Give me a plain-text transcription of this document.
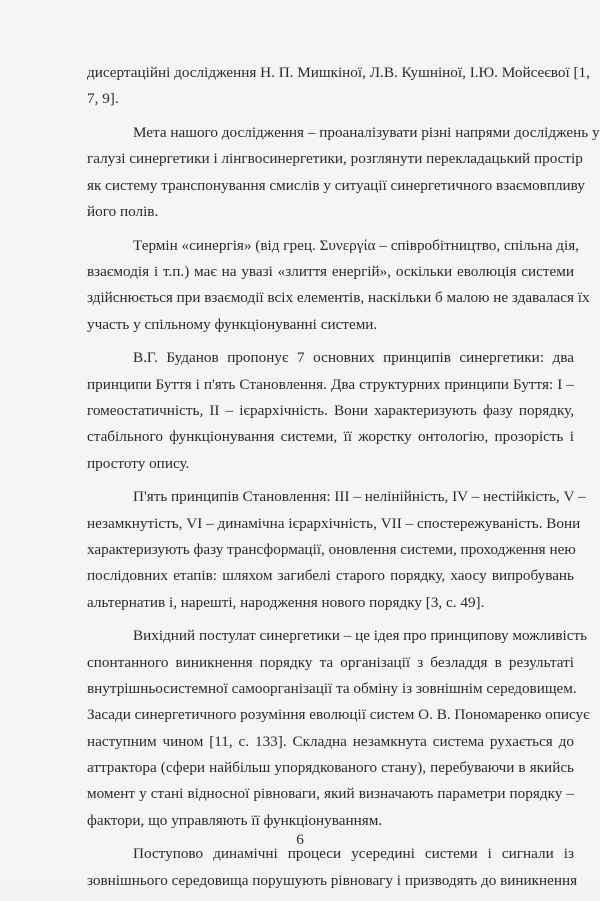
дисертаційні дослідження Н. П. Мишкіної, Л.В. Кушніної, І.Ю. Мойсеєвої [1,
7, 9].

Мета нашого дослідження – проаналізувати різні напрями досліджень у
галузі синергетики і лінгвосинергетики, розглянути перекладацький простір
як систему транспонування смислів у ситуації синергетичного взаємовпливу
його полів.

Термін «синергія» (від грец. Συνεργία – співробітництво, спільна дія,
взаємодія і т.п.) має на увазі «злиття енергій», оскільки еволюція системи
здійснюється при взаємодії всіх елементів, наскільки б малою не здавалася їх
участь у спільному функціонуванні системи.

В.Г. Буданов пропонує 7 основних принципів синергетики: два
принципи Буття і п'ять Становлення. Два структурних принципи Буття: I –
гомеостатичність, II – ієрархічність. Вони характеризують фазу порядку,
стабільного функціонування системи, її жорстку онтологію, прозорість і
простоту опису.

П'ять принципів Становлення: III – нелінійність, IV – нестійкість, V –
незамкнутість, VI – динамічна ієрархічність, VII – спостережуваність. Вони
характеризують фазу трансформації, оновлення системи, проходження нею
послідовних етапів: шляхом загибелі старого порядку, хаосу випробувань
альтернатив і, нарешті, народження нового порядку [3, с. 49].

Вихідний постулат синергетики – це ідея про принципову можливість
спонтанного виникнення порядку та організації з безладдя в результаті
внутрішньосистемної самоорганізації та обміну із зовнішнім середовищем.
Засади синергетичного розуміння еволюції систем О. В. Пономаренко описує
наступним чином [11, с. 133]. Складна незамкнута система рухається до
аттрактора (сфери найбільш упорядкованого стану), перебуваючи в якийсь
момент у стані відносної рівноваги, який визначають параметри порядку –
фактори, що управляють її функціонуванням.

Поступово динамічні процеси усередині системи і сигнали із
зовнішнього середовища порушують рівновагу і призводять до виникнення

6
